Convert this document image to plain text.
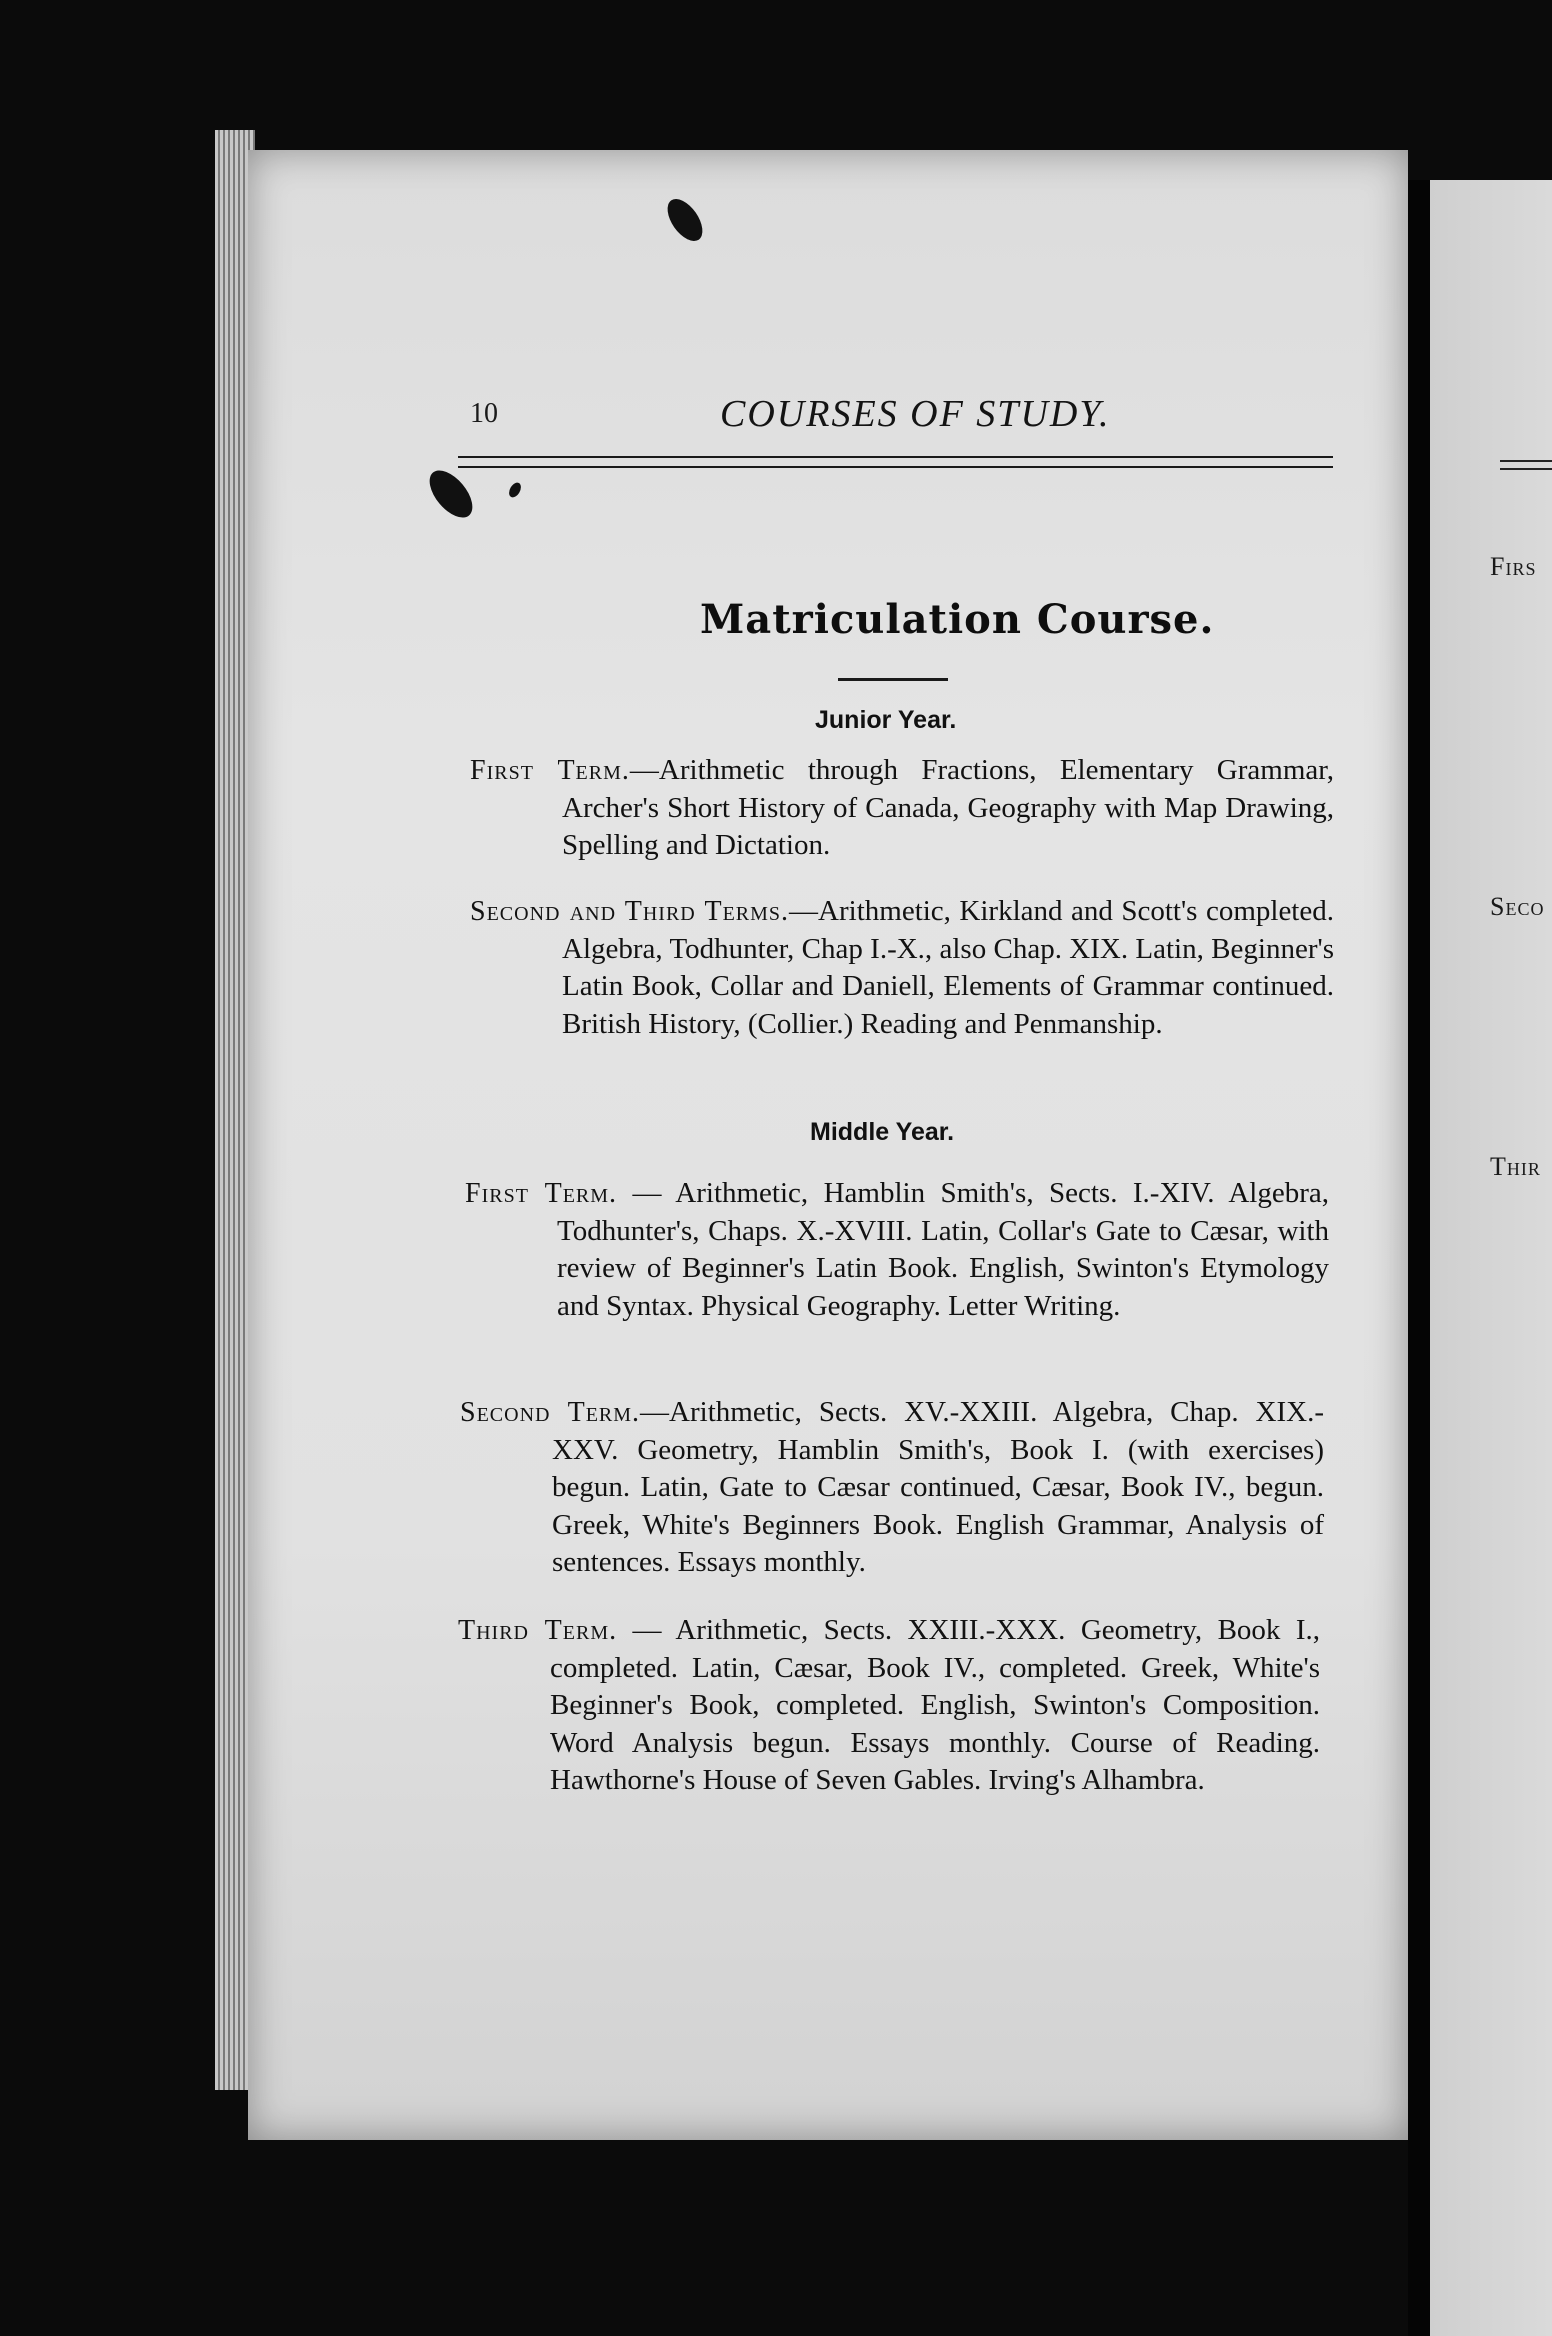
10	COURSES OF STUDY.
Matriculation Course.
Junior Year.
First Term.—Arithmetic through Fractions, Elementary Grammar, Archer's Short History of Canada, Geography with Map Drawing, Spelling and Dictation.
Second and Third Terms.—Arithmetic, Kirkland and Scott's completed. Algebra, Todhunter, Chap I.-X., also Chap. XIX. Latin, Beginner's Latin Book, Collar and Daniell, Elements of Grammar continued. British History, (Collier.) Reading and Penmanship.
Middle Year.
First Term. — Arithmetic, Hamblin Smith's, Sects. I.-XIV. Algebra, Todhunter's, Chaps. X.-XVIII. Latin, Collar's Gate to Cæsar, with review of Beginner's Latin Book. English, Swinton's Etymology and Syntax. Physical Geography. Letter Writing.
Second Term.—Arithmetic, Sects. XV.-XXIII. Algebra, Chap. XIX.-XXV. Geometry, Hamblin Smith's, Book I. (with exercises) begun. Latin, Gate to Cæsar continued, Cæsar, Book IV., begun. Greek, White's Beginners Book. English Grammar, Analysis of sentences. Essays monthly.
Third Term. — Arithmetic, Sects. XXIII.-XXX. Geometry, Book I., completed. Latin, Cæsar, Book IV., completed. Greek, White's Beginner's Book, completed. English, Swinton's Composition. Word Analysis begun. Essays monthly. Course of Reading. Hawthorne's House of Seven Gables. Irving's Alhambra.
Firs
Seco
Thir
